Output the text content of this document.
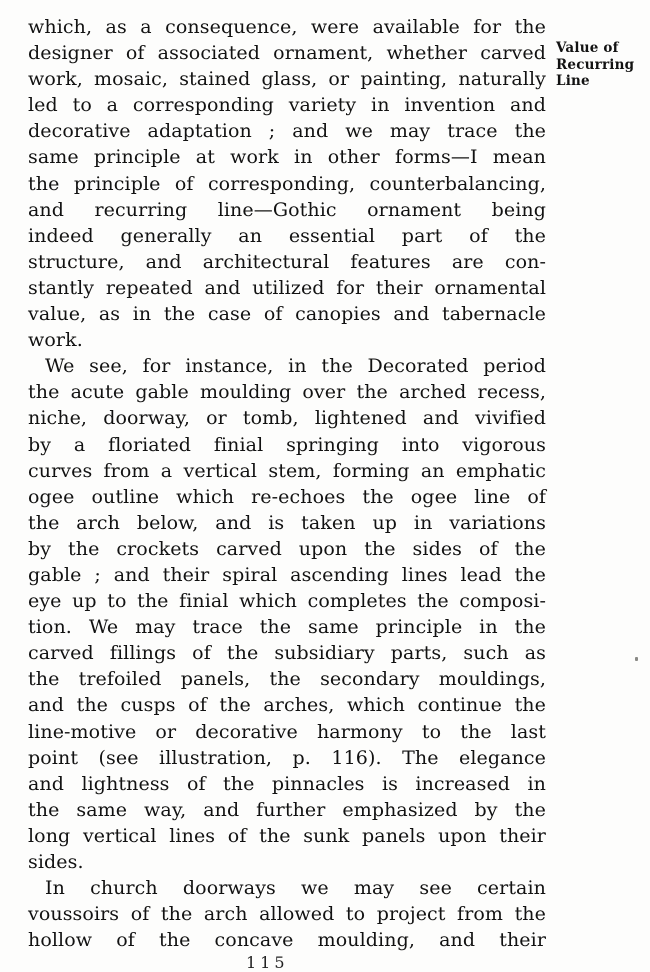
which, as a consequence, were available for the
designer of associated ornament, whether carved
work, mosaic, stained glass, or painting, naturally
led to a corresponding variety in invention and
decorative adaptation ; and we may trace the
same principle at work in other forms—I mean
the principle of corresponding, counterbalancing,
and recurring line—Gothic ornament being
indeed generally an essential part of the
structure, and architectural features are con-
stantly repeated and utilized for their ornamental
value, as in the case of canopies and tabernacle
work.
We see, for instance, in the Decorated period
the acute gable moulding over the arched recess,
niche, doorway, or tomb, lightened and vivified
by a floriated finial springing into vigorous
curves from a vertical stem, forming an emphatic
ogee outline which re-echoes the ogee line of
the arch below, and is taken up in variations
by the crockets carved upon the sides of the
gable ; and their spiral ascending lines lead the
eye up to the finial which completes the composi-
tion. We may trace the same principle in the
carved fillings of the subsidiary parts, such as
the trefoiled panels, the secondary mouldings,
and the cusps of the arches, which continue the
line-motive or decorative harmony to the last
point (see illustration, p. 116). The elegance
and lightness of the pinnacles is increased in
the same way, and further emphasized by the
long vertical lines of the sunk panels upon their
sides.
In church doorways we may see certain
voussoirs of the arch allowed to project from the
hollow of the concave moulding, and their
Value of
Recurring
Line
115
